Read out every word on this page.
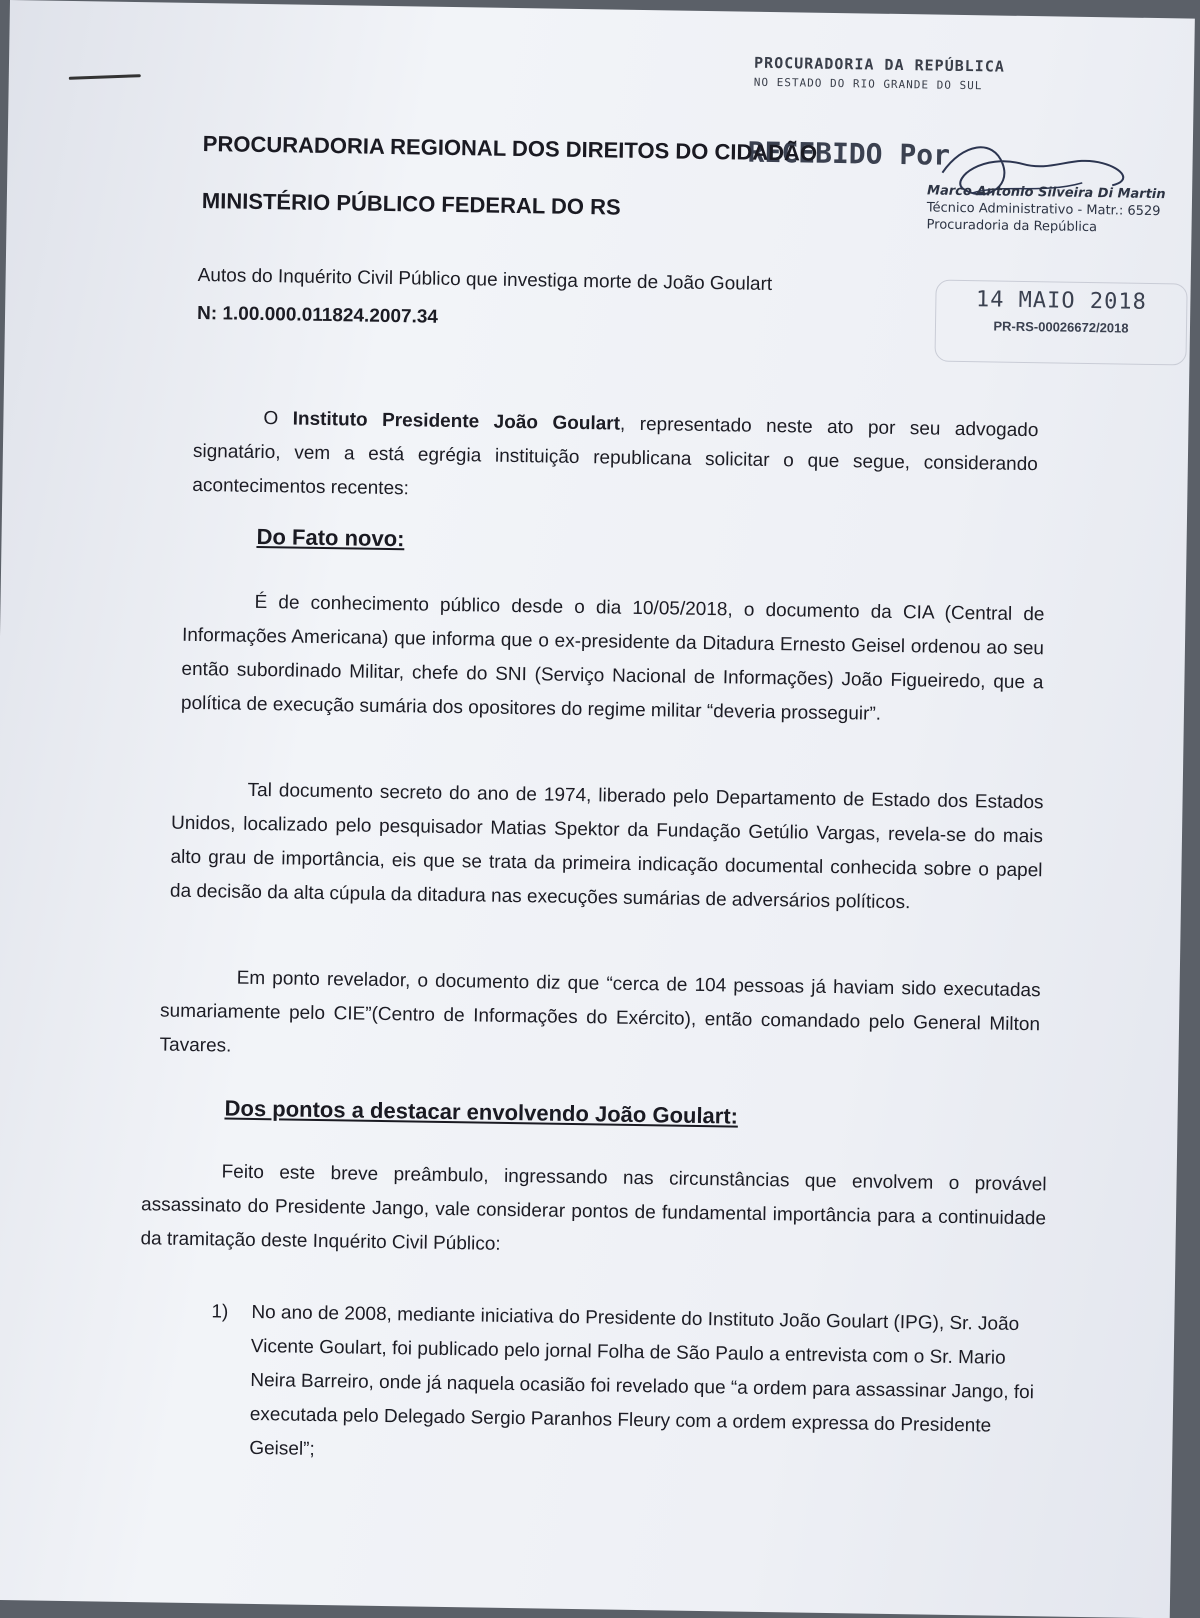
PROCURADORIA DA REPÚBLICA
NO ESTADO DO RIO GRANDE DO SUL
RECEBIDO Por
Marco Antonio Silveira Di Martin
Técnico Administrativo - Matr.: 6529
Procuradoria da República
14 MAIO 2018
PR-RS-00026672/2018
PROCURADORIA REGIONAL DOS DIREITOS DO CIDADÃO
MINISTÉRIO PÚBLICO FEDERAL DO RS
Autos do Inquérito Civil Público que investiga morte de João Goulart
N: 1.00.000.011824.2007.34
O Instituto Presidente João Goulart, representado neste ato por seu advogado signatário, vem a está egrégia instituição republicana solicitar o que segue, considerando acontecimentos recentes:
Do Fato novo:
É de conhecimento público desde o dia 10/05/2018, o documento da CIA (Central de Informações Americana) que informa que o ex-presidente da Ditadura Ernesto Geisel ordenou ao seu então subordinado Militar, chefe do SNI (Serviço Nacional de Informações) João Figueiredo, que a política de execução sumária dos opositores do regime militar “deveria prosseguir”.
Tal documento secreto do ano de 1974, liberado pelo Departamento de Estado dos Estados Unidos, localizado pelo pesquisador Matias Spektor da Fundação Getúlio Vargas, revela-se do mais alto grau de importância, eis que se trata da primeira indicação documental conhecida sobre o papel da decisão da alta cúpula da ditadura nas execuções sumárias de adversários políticos.
Em ponto revelador, o documento diz que “cerca de 104 pessoas já haviam sido executadas sumariamente pelo CIE”(Centro de Informações do Exército), então comandado pelo General Milton Tavares.
Dos pontos a destacar envolvendo João Goulart:
Feito este breve preâmbulo, ingressando nas circunstâncias que envolvem o provável assassinato do Presidente Jango, vale considerar pontos de fundamental importância para a continuidade da tramitação deste Inquérito Civil Público:
1) No ano de 2008, mediante iniciativa do Presidente do Instituto João Goulart (IPG), Sr. João Vicente Goulart, foi publicado pelo jornal Folha de São Paulo a entrevista com o Sr. Mario Neira Barreiro, onde já naquela ocasião foi revelado que “a ordem para assassinar Jango, foi executada pelo Delegado Sergio Paranhos Fleury com a ordem expressa do Presidente Geisel”;
